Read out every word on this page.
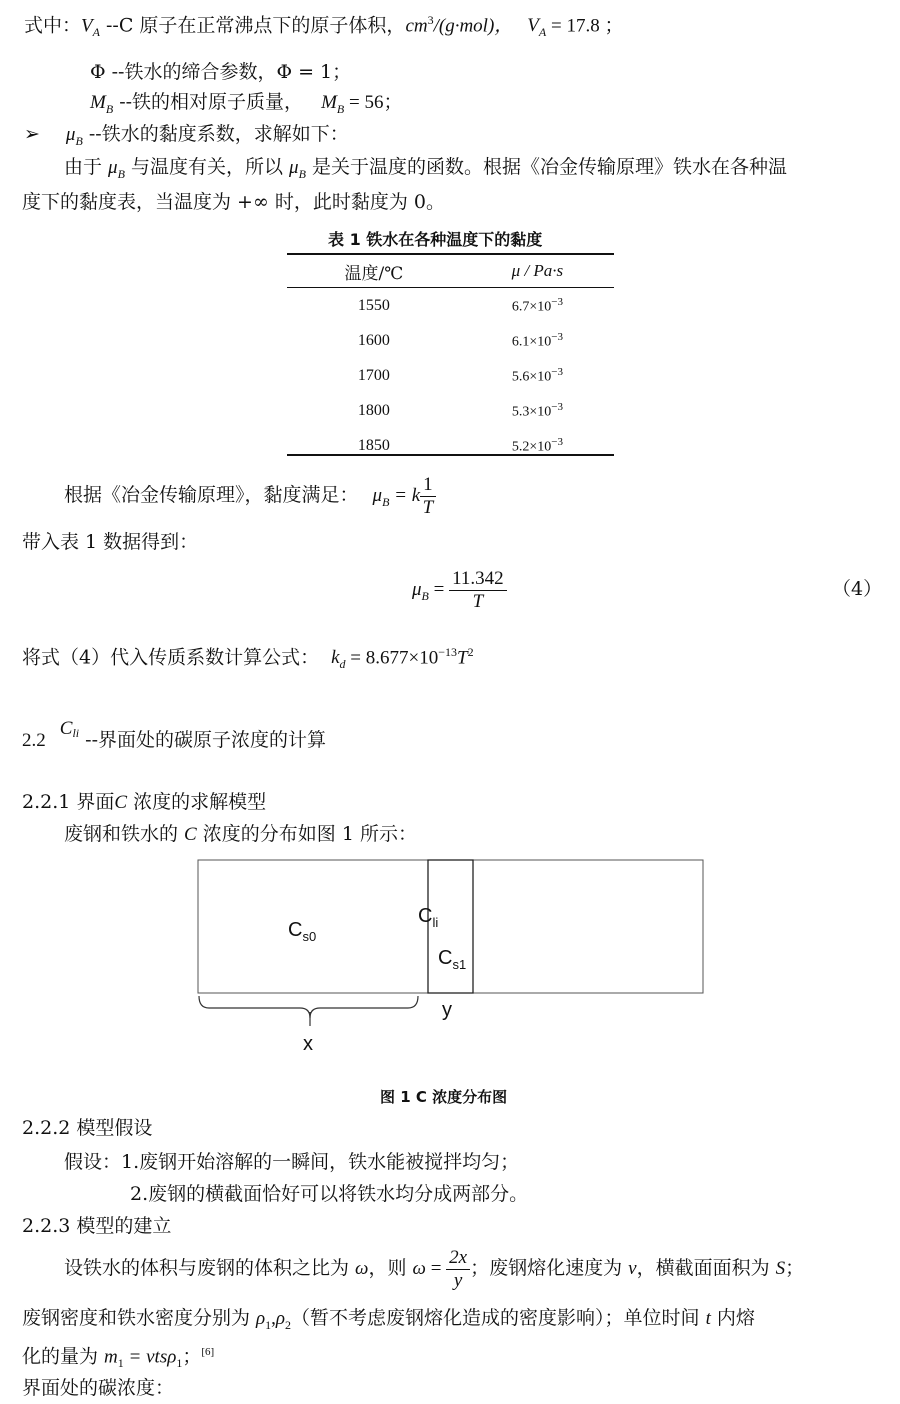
式中：$V_A$ --C 原子在正常沸点下的原子体积，$cm^3/(g\cdot mol)$， $V_A = 17.8$ ；
Φ --铁水的缔合参数，Φ = 1；
$M_B$ --铁的相对原子质量， $M_B = 56$；
➢ $\mu_B$ --铁水的黏度系数，求解如下：
由于 $\mu_B$ 与温度有关，所以 $\mu_B$ 是关于温度的函数。根据《冶金传输原理》铁水在各种温
度下的黏度表，当温度为 +∞ 时，此时黏度为 0。
表 1 铁水在各种温度下的黏度
温度/℃	μ / Pa·s
1550	$6.7\times 10^{-3}$
1600	$6.1\times 10^{-3}$
1700	$5.6\times 10^{-3}$
1800	$5.3\times 10^{-3}$
1850	$5.2\times 10^{-3}$
根据《冶金传输原理》，黏度满足： $\mu_B = k \frac{1}{T}$
带入表 1 数据得到：
$\mu_B = \frac{11.342}{T}$	（4）
将式（4）代入传质系数计算公式： $k_d = 8.677\times 10^{-13}T^2$
$2.2C_{li}$ --界面处的碳原子浓度的计算
2.2.1 界面C 浓度的求解模型
废钢和铁水的 C 浓度的分布如图 1 所示：
$C_{s0}$
$C_{li}$
$C_{s1}$
y
x
图 1 C 浓度分布图
2.2.2 模型假设
假设：1.废钢开始溶解的一瞬间，铁水能被搅拌均匀；
2.废钢的横截面恰好可以将铁水均分成两部分。
2.2.3 模型的建立
设铁水的体积与废钢的体积之比为 ω，则 $\omega = \frac{2x}{y}$ ；废钢熔化速度为 v，横截面面积为 S；
废钢密度和铁水密度分别为 $\rho_1,\rho_2$（暂不考虑废钢熔化造成的密度影响）；单位时间 t 内熔
化的量为 $m_1 = vts\rho_1$；[6]
界面处的碳浓度：
